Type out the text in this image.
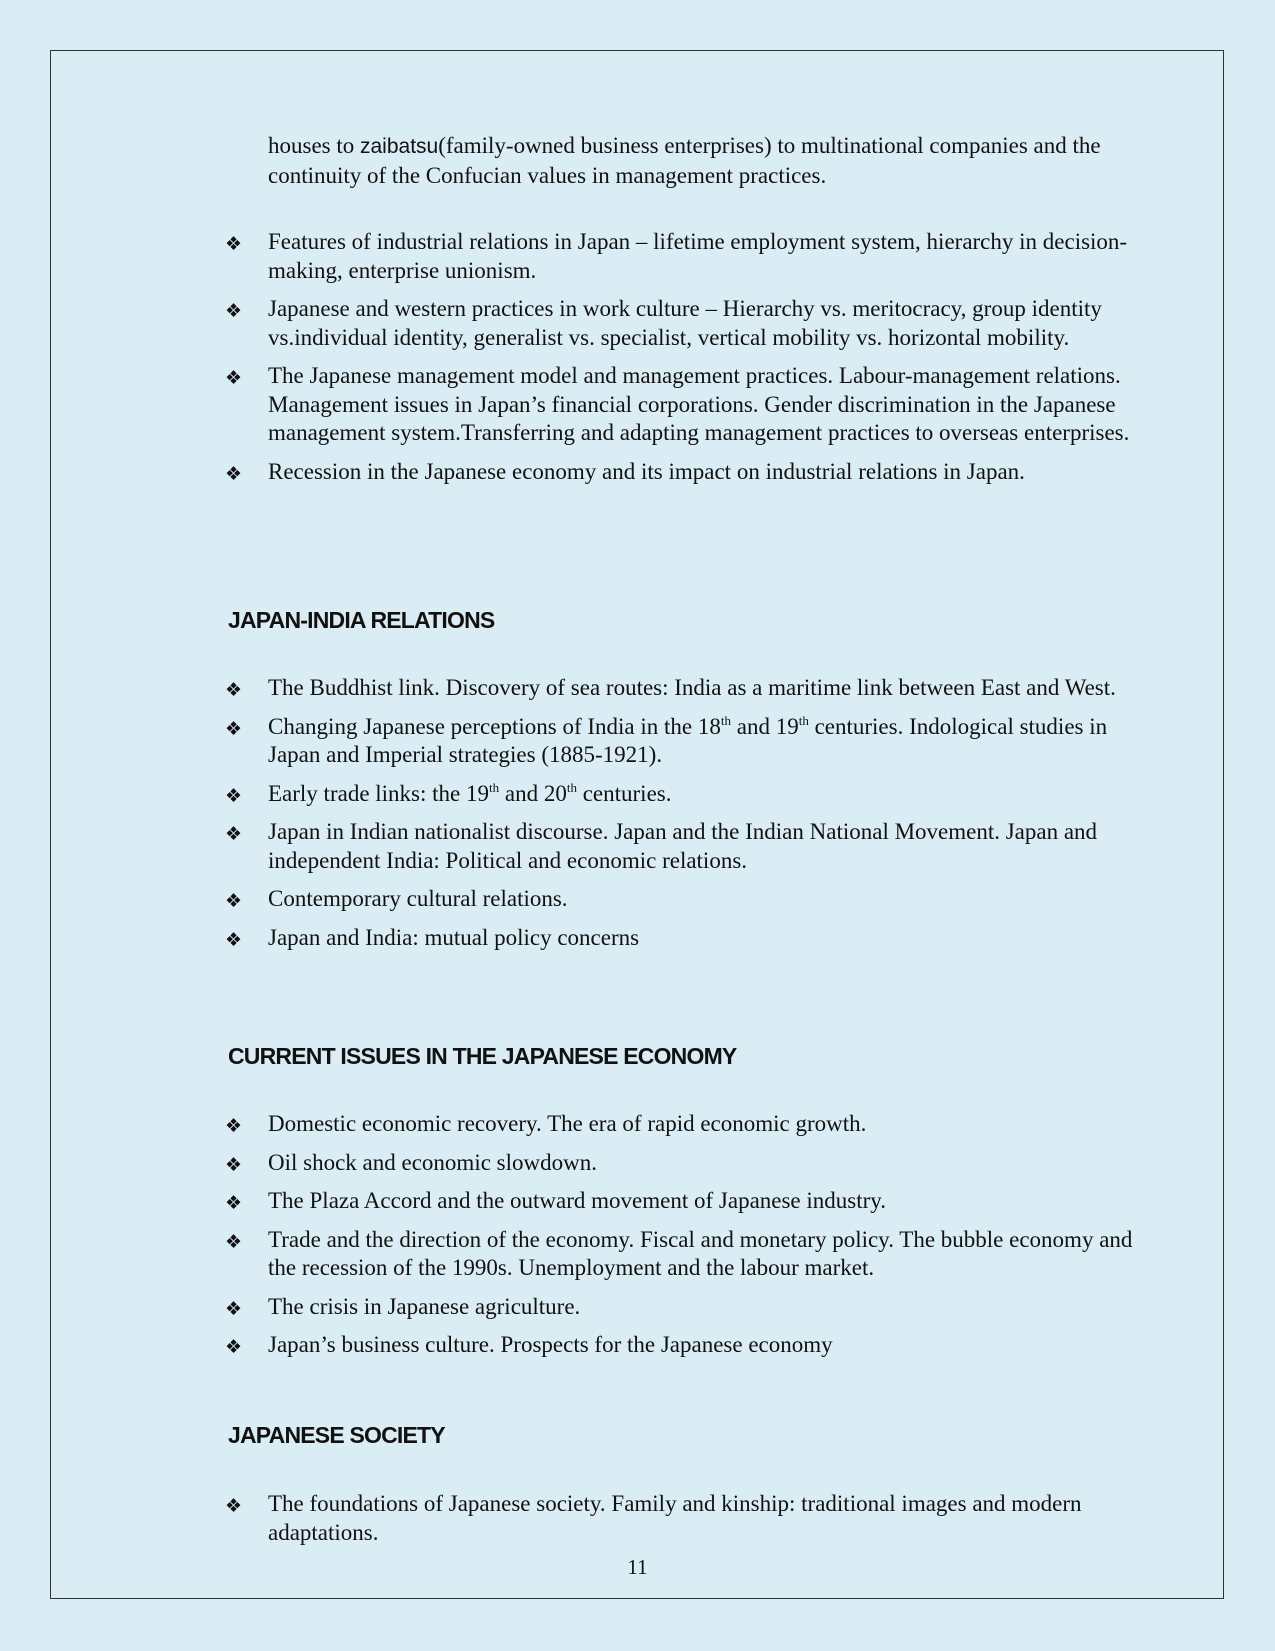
houses to zaibatsu(family-owned business enterprises) to multinational companies and the continuity of the Confucian values in management practices.
❖ Features of industrial relations in Japan – lifetime employment system, hierarchy in decision-making, enterprise unionism.
❖ Japanese and western practices in work culture – Hierarchy vs. meritocracy, group identity vs.individual identity, generalist vs. specialist, vertical mobility vs. horizontal mobility.
❖ The Japanese management model and management practices. Labour-management relations. Management issues in Japan’s financial corporations. Gender discrimination in the Japanese management system.Transferring and adapting management practices to overseas enterprises.
❖ Recession in the Japanese economy and its impact on industrial relations in Japan.
JAPAN-INDIA RELATIONS
❖ The Buddhist link. Discovery of sea routes: India as a maritime link between East and West.
❖ Changing Japanese perceptions of India in the 18th and 19th centuries. Indological studies in Japan and Imperial strategies (1885-1921).
❖ Early trade links: the 19th and 20th centuries.
❖ Japan in Indian nationalist discourse. Japan and the Indian National Movement. Japan and independent India: Political and economic relations.
❖ Contemporary cultural relations.
❖ Japan and India: mutual policy concerns
CURRENT ISSUES IN THE JAPANESE ECONOMY
❖ Domestic economic recovery. The era of rapid economic growth.
❖ Oil shock and economic slowdown.
❖ The Plaza Accord and the outward movement of Japanese industry.
❖ Trade and the direction of the economy. Fiscal and monetary policy. The bubble economy and the recession of the 1990s. Unemployment and the labour market.
❖ The crisis in Japanese agriculture.
❖ Japan’s business culture. Prospects for the Japanese economy
JAPANESE SOCIETY
❖ The foundations of Japanese society. Family and kinship: traditional images and modern adaptations.
11
